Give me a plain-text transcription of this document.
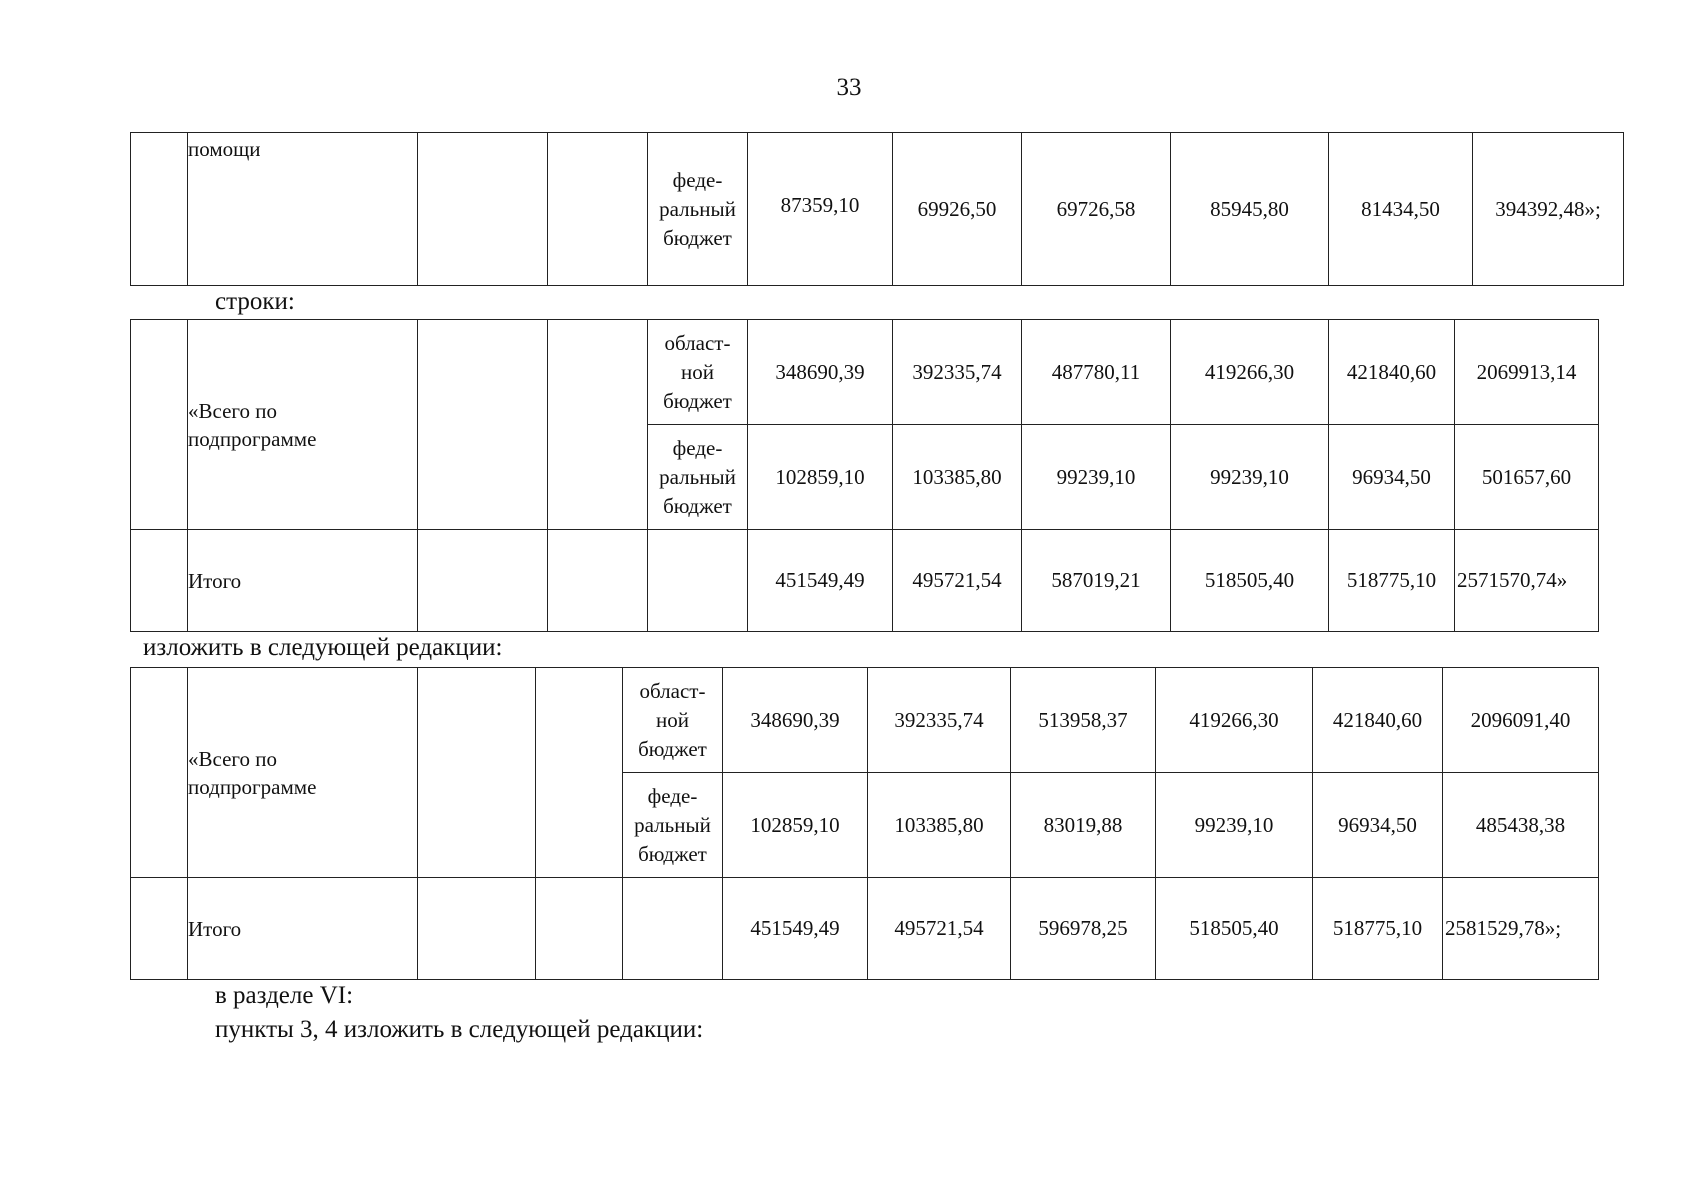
33
	помощи			феде-
ральный
бюджет	87359,10	69926,50	69726,58	85945,80	81434,50	394392,48»;
строки:
	«Всего по
подпрограмме			област-
ной
бюджет	348690,39	392335,74	487780,11	419266,30	421840,60	2069913,14
				феде-
ральный
бюджет	102859,10	103385,80	99239,10	99239,10	96934,50	501657,60
	Итого				451549,49	495721,54	587019,21	518505,40	518775,10	2571570,74»
изложить в следующей редакции:
	«Всего по
подпрограмме			област-
ной
бюджет	348690,39	392335,74	513958,37	419266,30	421840,60	2096091,40
				феде-
ральный
бюджет	102859,10	103385,80	83019,88	99239,10	96934,50	485438,38
	Итого				451549,49	495721,54	596978,25	518505,40	518775,10	2581529,78»;
в разделе VI:
пункты 3, 4 изложить в следующей редакции:
